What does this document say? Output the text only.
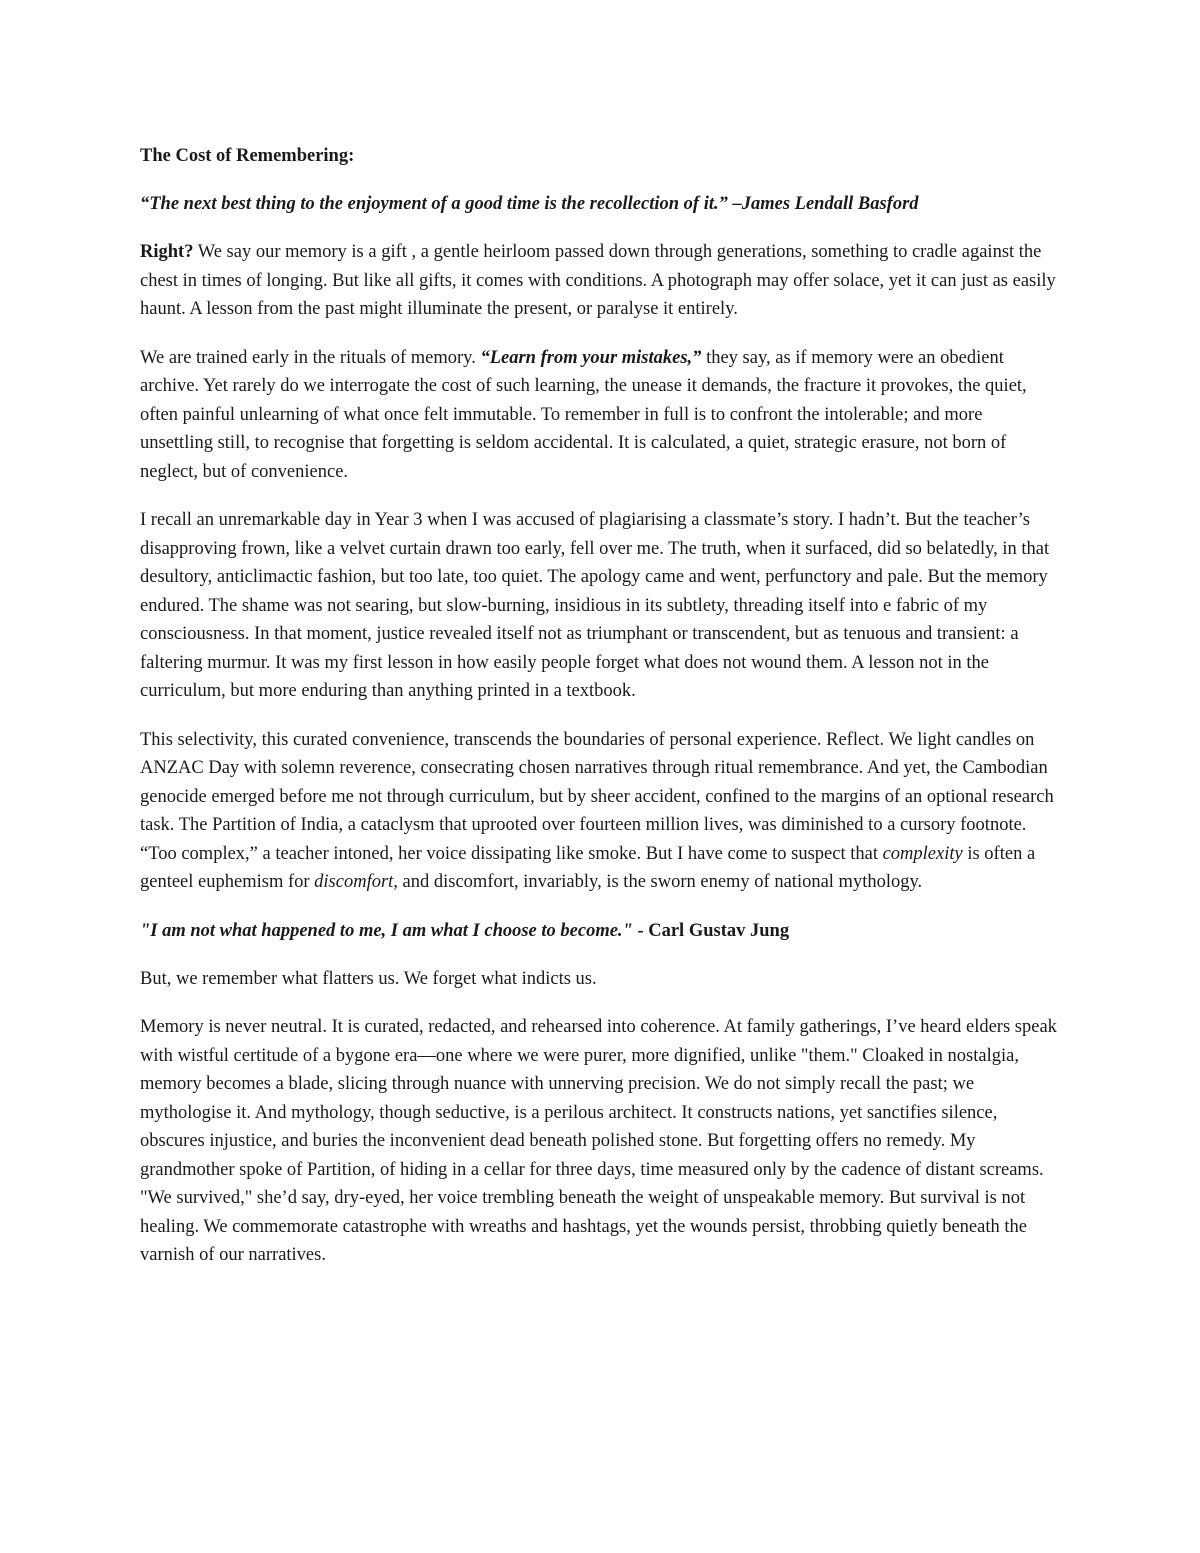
The Cost of Remembering:
“The next best thing to the enjoyment of a good time is the recollection of it.” –James Lendall Basford

Right? We say our memory is a gift , a gentle heirloom passed down through generations, something to cradle against the chest in times of longing. But like all gifts, it comes with conditions. A photograph may offer solace, yet it can just as easily haunt. A lesson from the past might illuminate the present, or paralyse it entirely.

We are trained early in the rituals of memory. “Learn from your mistakes,” they say, as if memory were an obedient archive. Yet rarely do we interrogate the cost of such learning, the unease it demands, the fracture it provokes, the quiet, often painful unlearning of what once felt immutable. To remember in full is to confront the intolerable; and more unsettling still, to recognise that forgetting is seldom accidental. It is calculated, a quiet, strategic erasure, not born of neglect, but of convenience.

I recall an unremarkable day in Year 3 when I was accused of plagiarising a classmate’s story. I hadn’t. But the teacher’s disapproving frown, like a velvet curtain drawn too early, fell over me. The truth, when it surfaced, did so belatedly, in that desultory, anticlimactic fashion, but too late, too quiet. The apology came and went, perfunctory and pale. But the memory endured. The shame was not searing, but slow-burning, insidious in its subtlety, threading itself into e fabric of my consciousness. In that moment, justice revealed itself not as triumphant or transcendent, but as tenuous and transient: a faltering murmur. It was my first lesson in how easily people forget what does not wound them. A lesson not in the curriculum, but more enduring than anything printed in a textbook.

This selectivity, this curated convenience, transcends the boundaries of personal experience. Reflect. We light candles on ANZAC Day with solemn reverence, consecrating chosen narratives through ritual remembrance. And yet, the Cambodian genocide emerged before me not through curriculum, but by sheer accident, confined to the margins of an optional research task. The Partition of India, a cataclysm that uprooted over fourteen million lives, was diminished to a cursory footnote. “Too complex,” a teacher intoned, her voice dissipating like smoke. But I have come to suspect that complexity is often a genteel euphemism for discomfort, and discomfort, invariably, is the sworn enemy of national mythology.

"I am not what happened to me, I am what I choose to become." - Carl Gustav Jung

But, we remember what flatters us. We forget what indicts us.

Memory is never neutral. It is curated, redacted, and rehearsed into coherence. At family gatherings, I’ve heard elders speak with wistful certitude of a bygone era—one where we were purer, more dignified, unlike "them." Cloaked in nostalgia, memory becomes a blade, slicing through nuance with unnerving precision. We do not simply recall the past; we mythologise it. And mythology, though seductive, is a perilous architect. It constructs nations, yet sanctifies silence, obscures injustice, and buries the inconvenient dead beneath polished stone. But forgetting offers no remedy. My grandmother spoke of Partition, of hiding in a cellar for three days, time measured only by the cadence of distant screams. "We survived," she’d say, dry-eyed, her voice trembling beneath the weight of unspeakable memory. But survival is not healing. We commemorate catastrophe with wreaths and hashtags, yet the wounds persist, throbbing quietly beneath the varnish of our narratives.
